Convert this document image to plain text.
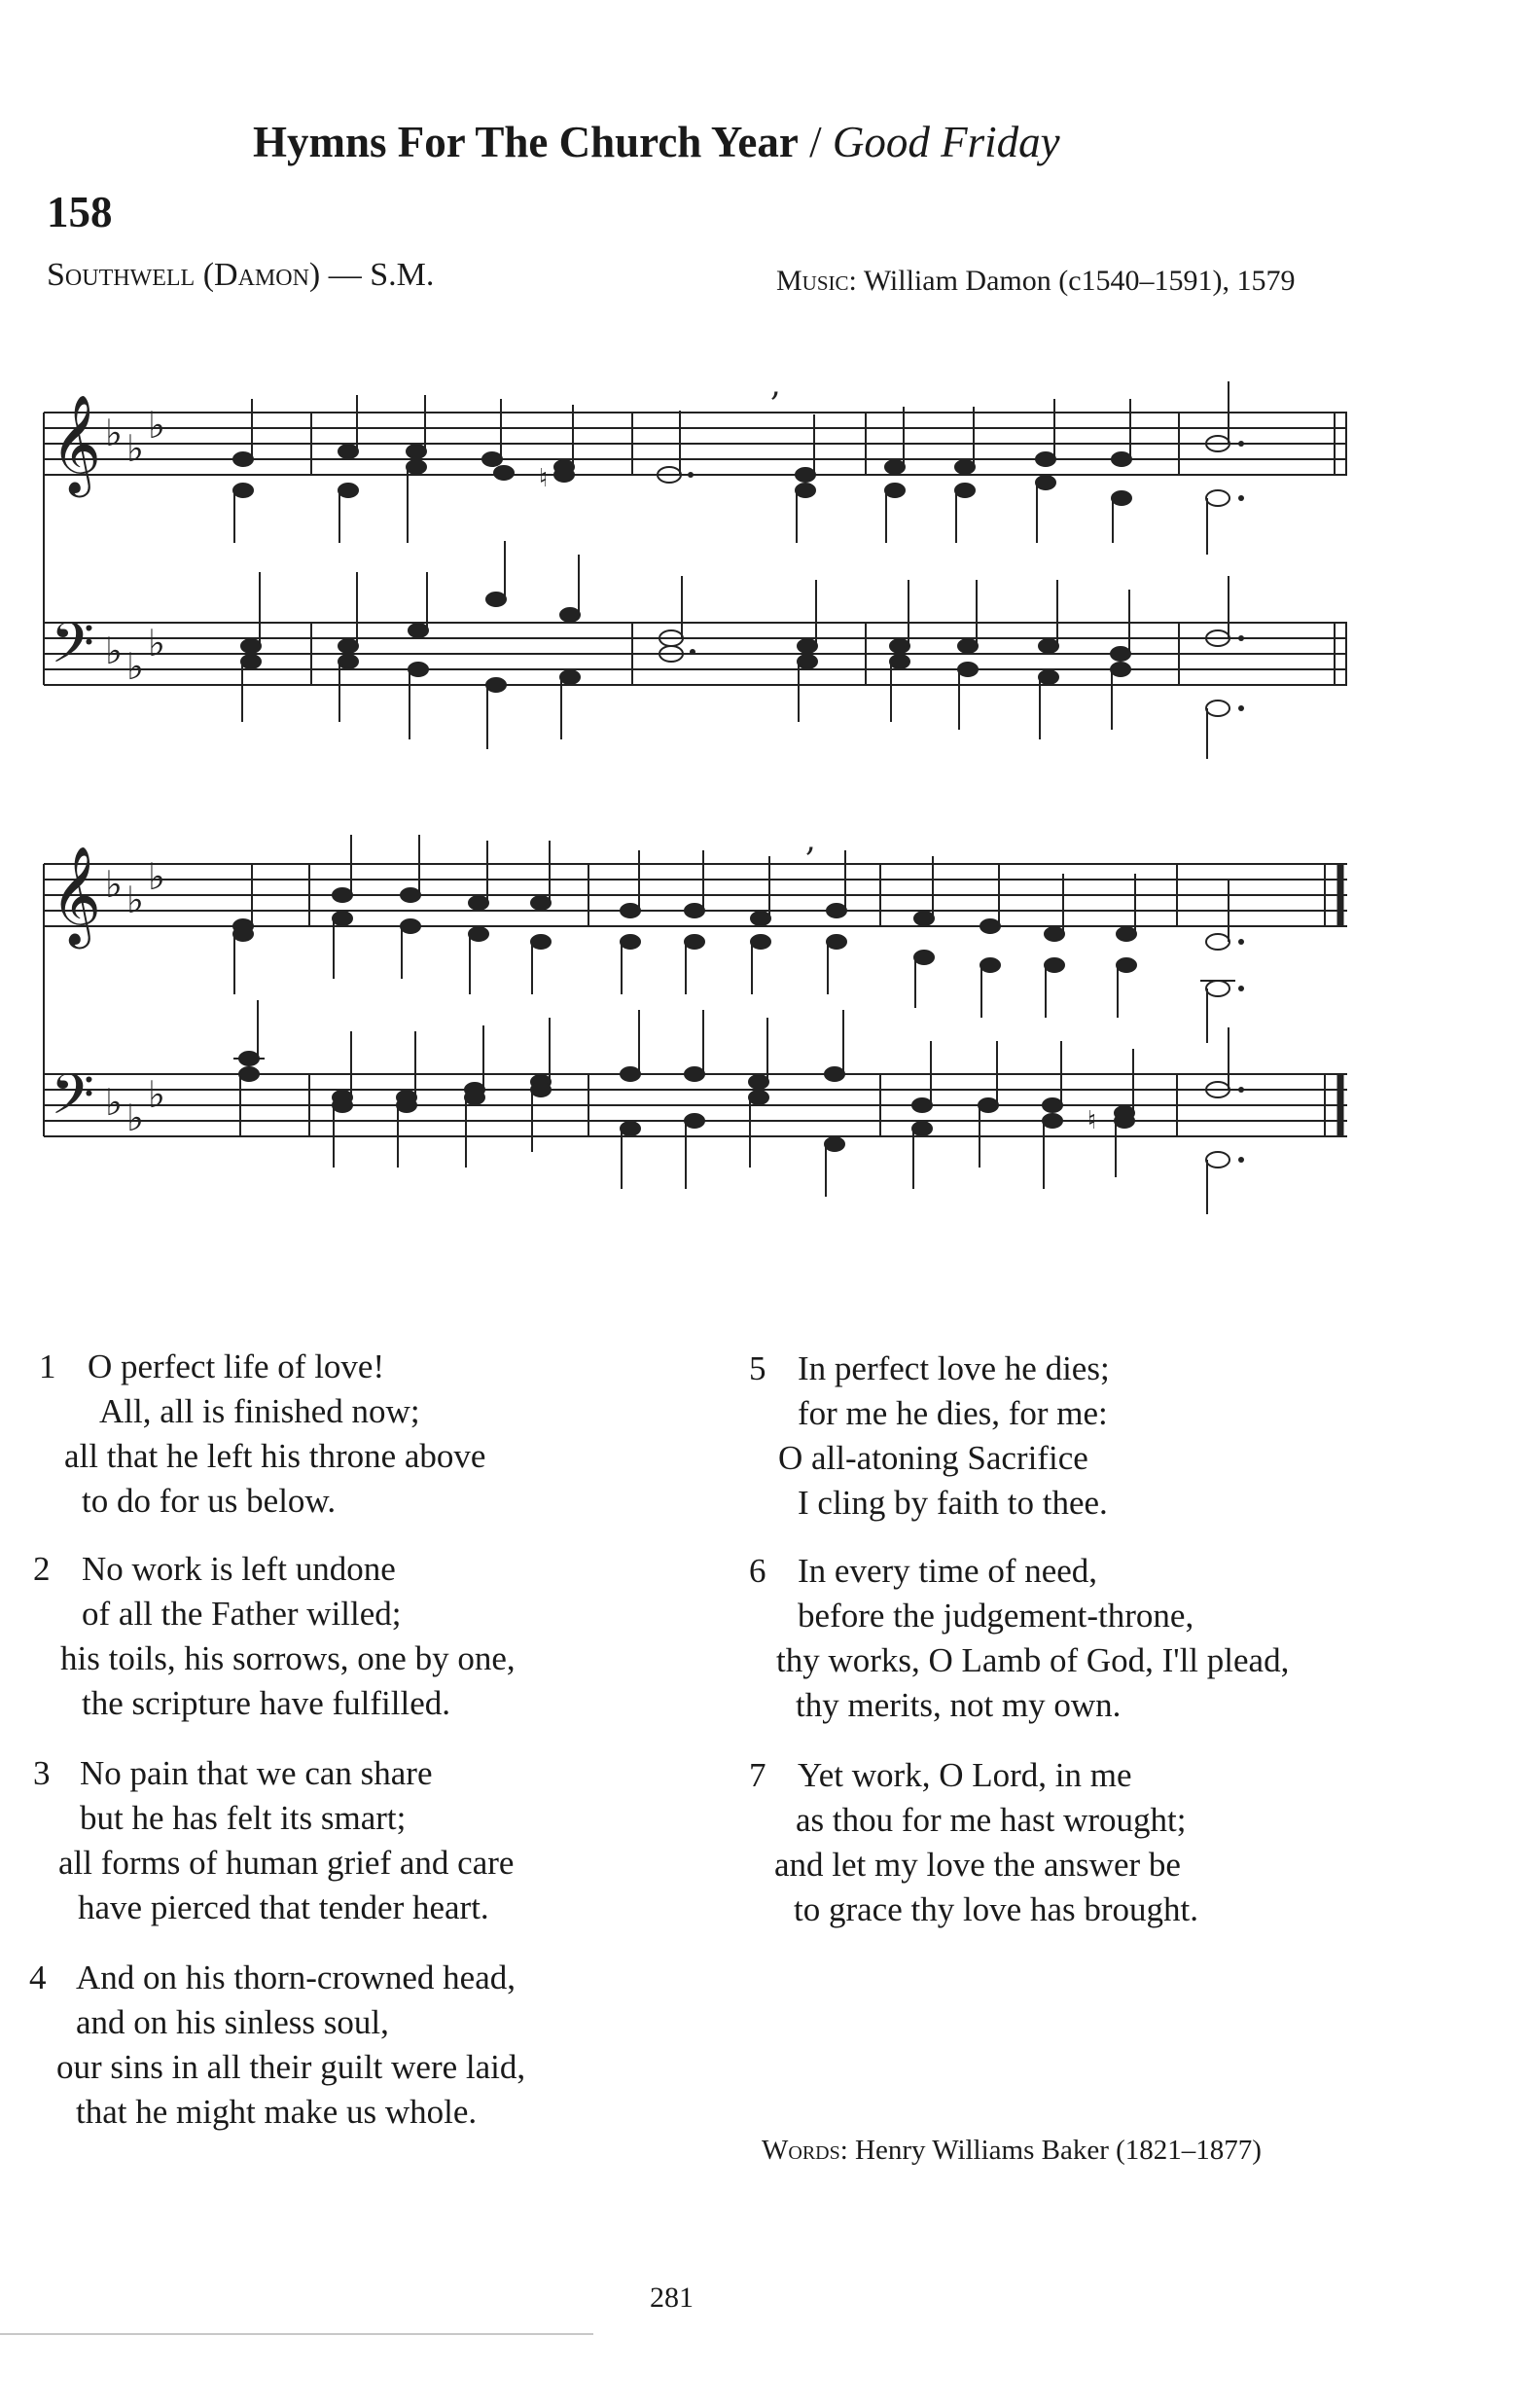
Hymns For The Church Year / Good Friday
158
Southwell (Damon) — S.M.	Music: William Damon (c1540–1591), 1579
𝄞
𝄢
𝄞
𝄢
♭ ♭
♭
♭ ♭
♭
♭ ♭
♭
♭ ♭
♭
,
,
♮
♮
1 O perfect life of love!
All, all is finished now;
all that he left his throne above
to do for us below.
2 No work is left undone
of all the Father willed;
his toils, his sorrows, one by one,
the scripture have fulfilled.
3 No pain that we can share
but he has felt its smart;
all forms of human grief and care
have pierced that tender heart.
4 And on his thorn-crowned head,
and on his sinless soul,
our sins in all their guilt were laid,
that he might make us whole.
5 In perfect love he dies;
for me he dies, for me:
O all-atoning Sacrifice
I cling by faith to thee.
6 In every time of need,
before the judgement-throne,
thy works, O Lamb of God, I'll plead,
thy merits, not my own.
7 Yet work, O Lord, in me
as thou for me hast wrought;
and let my love the answer be
to grace thy love has brought.
Words: Henry Williams Baker (1821–1877)
281
